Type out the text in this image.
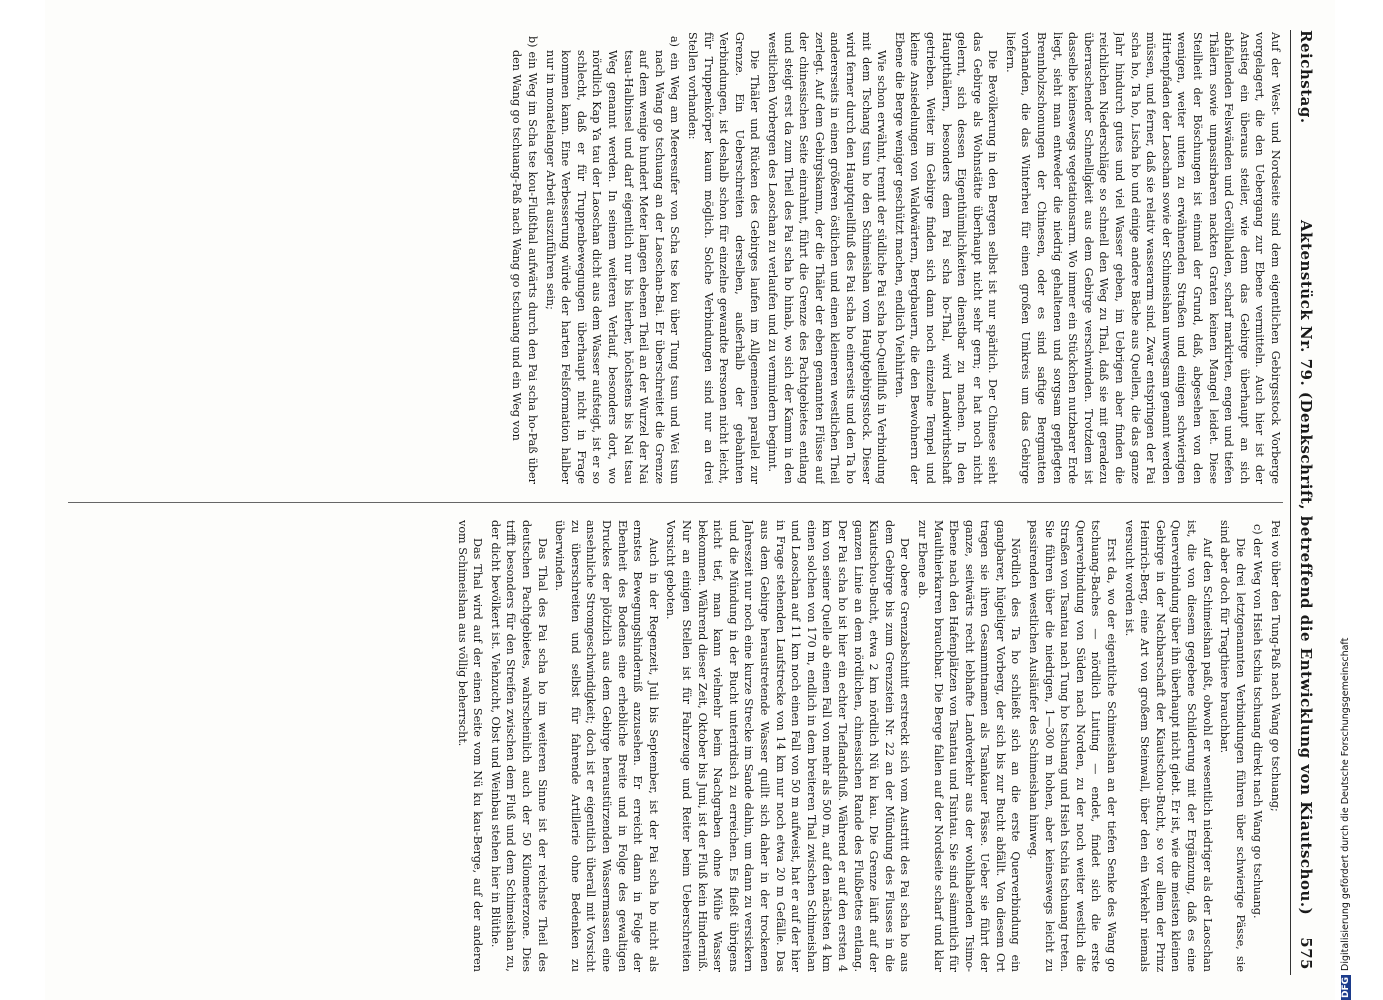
Reichstag.
Aktenstück Nr. 79. (Denkschrift, betreffend die Entwicklung von Kiautschou.)
575

Auf der West- und Nordseite sind dem eigentlichen Gebirgsstock Vorberge vorgelagert, die den Uebergang zur Ebene vermitteln. Auch hier ist der Anstieg ein überaus steiler, wie denn das Gebirge überhaupt an sich abfallenden Felswänden und Geröllhalden, scharf markirten, engen und tiefen Thälern sowie unpassirbaren nackten Graten keinen Mangel leidet. Diese Steilheit der Böschungen ist einmal der Grund, daß, abgesehen von den wenigen, weiter unten zu erwähnenden Straßen und einigen schwierigen Hirtenpfaden der Laoschan sowie der Schimeishan unwegsam genannt werden müssen, und ferner, daß sie relativ wasserarm sind. Zwar entspringen der Pai scha ho, Ta ho, Lischa ho und einige andere Bäche aus Quellen, die das ganze Jahr hindurch gutes und viel Wasser geben, im Uebrigen aber finden die reichlichen Niederschläge so schnell den Weg zu Thal, daß sie mit geradezu überraschender Schnelligkeit aus dem Gebirge verschwinden. Trotzdem ist dasselbe keineswegs vegetationsarm. Wo immer ein Stückchen nutzbarer Erde liegt, sieht man entweder die niedrig gehaltenen und sorgsam gepflegten Brennholzschonungen der Chinesen, oder es sind saftige Bergmatten vorhanden, die das Winterheu für einen großen Umkreis um das Gebirge liefern.

Die Bevölkerung in den Bergen selbst ist nur spärlich. Der Chinese sieht das Gebirge als Wohnstätte überhaupt nicht sehr gern; er hat noch nicht gelernt, sich dessen Eigenthümlichkeiten dienstbar zu machen. In den Hauptthälern, besonders dem Pai scha ho-Thal, wird Landwirthschaft getrieben. Weiter im Gebirge finden sich dann noch einzelne Tempel und kleine Ansiedelungen von Waldwärtern, Bergbauern, die den Bewohnern der Ebene die Berge weniger geschützt machen, endlich Viehhirten.

Wie schon erwähnt, trennt der südliche Pai scha ho-Quellfluß in Verbindung mit dem Tschang tsun ho den Schimeishan vom Hauptgebirgsstock. Dieser wird ferner durch den Hauptquellfluß des Pai scha ho einerseits und den Ta ho andererseits in einen größeren östlichen und einen kleineren westlichen Theil zerlegt. Auf dem Gebirgskamm, der die Thäler der eben genannten Flüsse auf der chinesischen Seite einrahmt, führt die Grenze des Pachtgebietes entlang und steigt erst da zum Theil des Pai scha ho hinab, wo sich der Kamm in den westlichen Vorbergen des Laoschan zu verlaufen und zu vermindern beginnt.

Die Thäler und Rücken des Gebirges laufen im Allgemeinen parallel zur Grenze. Ein Ueberschreiten derselben, außerhalb der gebahnten Verbindungen, ist deshalb schon für einzelne gewandte Personen nicht leicht, für Truppenkörper kaum möglich. Solche Verbindungen sind nur an drei Stellen vorhanden:

a) ein Weg am Meeresufer von Scha tse kou über Tung tsun und Wei tsun nach Wang go tschuang an der Laoschan-Bai. Er überschreitet die Grenze auf dem wenige hundert Meter langen ebenen Theil an der Wurzel der Nai tsau-Halbinsel und darf eigentlich nur bis hierher, höchstens bis Nai tsau Weg genannt werden. In seinem weiteren Verlauf, besonders dort, wo nördlich Kap Ya tau der Laoschan dicht aus dem Wasser aufsteigt, ist er so schlecht, daß er für Truppenbewegungen überhaupt nicht in Frage kommen kann. Eine Verbesserung würde der harten Felsformation halber nur in monatelanger Arbeit auszuführen sein;

b) ein Weg im Scha tse kou-Flußthal aufwärts durch den Pai scha ho-Paß über den Wang go tschuang-Paß nach Wang go tschuang und ein Weg von

Pei wo über den Tung-Paß nach Wang go tschuang;

c) der Weg von Hsieh tschia tschuang direkt nach Wang go tschuang.

Die drei letztgenannten Verbindungen führen über schwierige Pässe, sie sind aber doch für Tragthiere brauchbar.

Auf den Schimeishan paßt, obwohl er wesentlich niedriger als der Laoschan ist, die von diesem gegebene Schilderung mit der Ergänzung, daß es eine Querverbindung über ihn überhaupt nicht giebt. Er ist, wie die meisten kleinen Gebirge in der Nachbarschaft der Kiautschou-Bucht, so vor allem der Prinz Heinrich-Berg, eine Art von großem Steinwall, über den ein Verkehr niemals versucht worden ist.

Erst da, wo der eigentliche Schimeishan an der tiefen Senke des Wang go tschuang-Baches — nördlich Liuting — endet, findet sich die erste Querverbindung von Süden nach Norden, zu der noch weiter westlich die Straßen von Tsantau nach Tung ho tschuang und Hsieh tschia tschuang treten. Sie führen über die niedrigen, 1—300 m hohen, aber keineswegs leicht zu passirenden westlichen Ausläufer des Schimeishan hinweg.

Nördlich des Ta ho schließt sich an die erste Querverbindung ein gangbarer, hügeliger Vorberg, der sich bis zur Bucht abfällt. Von diesem Ort tragen sie ihren Gesammtnamen als Tsankauer Pässe. Ueber sie führt der ganze, seitwärts recht lebhafte Landverkehr aus der wohlhabenden Tsimo-Ebene nach den Hafenplätzen von Tsantau und Tsintau. Sie sind sämmtlich für Maulthierkarren brauchbar. Die Berge fallen auf der Nordseite scharf und klar zur Ebene ab.

Der obere Grenzabschnitt erstreckt sich vom Austritt des Pai scha ho aus dem Gebirge bis zum Grenzstein Nr. 22 an der Mündung des Flusses in die Kiautschou-Bucht, etwa 2 km nördlich Nü ku kau. Die Grenze läuft auf der ganzen Linie an dem nördlichen, chinesischen Rande des Flußbettes entlang. Der Pai scha ho ist hier ein echter Tieflandsfluß. Während er auf den ersten 4 km von seiner Quelle ab einen Fall von mehr als 500 m, auf den nächsten 4 km einen solchen von 170 m, endlich in dem breiteren Thal zwischen Schimeishan und Laoschan auf 11 km noch einen Fall von 50 m aufweist, hat er auf der hier in Frage stehenden Laufstrecke von 14 km nur noch etwa 20 m Gefälle. Das aus dem Gebirge heraustretende Wasser quillt sich daher in der trockenen Jahreszeit nur noch eine kurze Strecke im Sande dahin, um dann zu versickern und die Mündung in der Bucht unterirdisch zu erreichen. Es fließt übrigens nicht tief, man kann vielmehr beim Nachgraben ohne Mühe Wasser bekommen. Während dieser Zeit, Oktober bis Juni, ist der Fluß kein Hinderniß. Nur an einigen Stellen ist für Fahrzeuge und Reiter beim Ueberschreiten Vorsicht geboten.

Auch in der Regenzeit, Juli bis September, ist der Pai scha ho nicht als ernstes Bewegungshinderniß anzusehen. Er erreicht dann in Folge der Ebenheit des Bodens eine erhebliche Breite und in Folge des gewaltigen Druckes der plötzlich aus dem Gebirge heraustürzenden Wassermassen eine ansehnliche Stromgeschwindigkeit; doch ist er eigentlich überall mit Vorsicht zu überschreiten und selbst für fahrende Artillerie ohne Bedenken zu überwinden.

Das Thal des Pai scha ho im weiteren Sinne ist der reichste Theil des deutschen Pachtgebietes, wahrscheinlich auch der 50 Kilometerzone. Dies trifft besonders für den Streifen zwischen dem Fluß und dem Schimeishan zu, der dicht bevölkert ist. Viehzucht, Obst und Weinbau stehen hier in Blüthe.

Das Thal wird auf der einen Seite vom Nü ku kau-Berge, auf der anderen vom Schimeishan aus völlig beherrscht.

DFGDigitalisierung gefördert durch die Deutsche Forschungsgemeinschaft
